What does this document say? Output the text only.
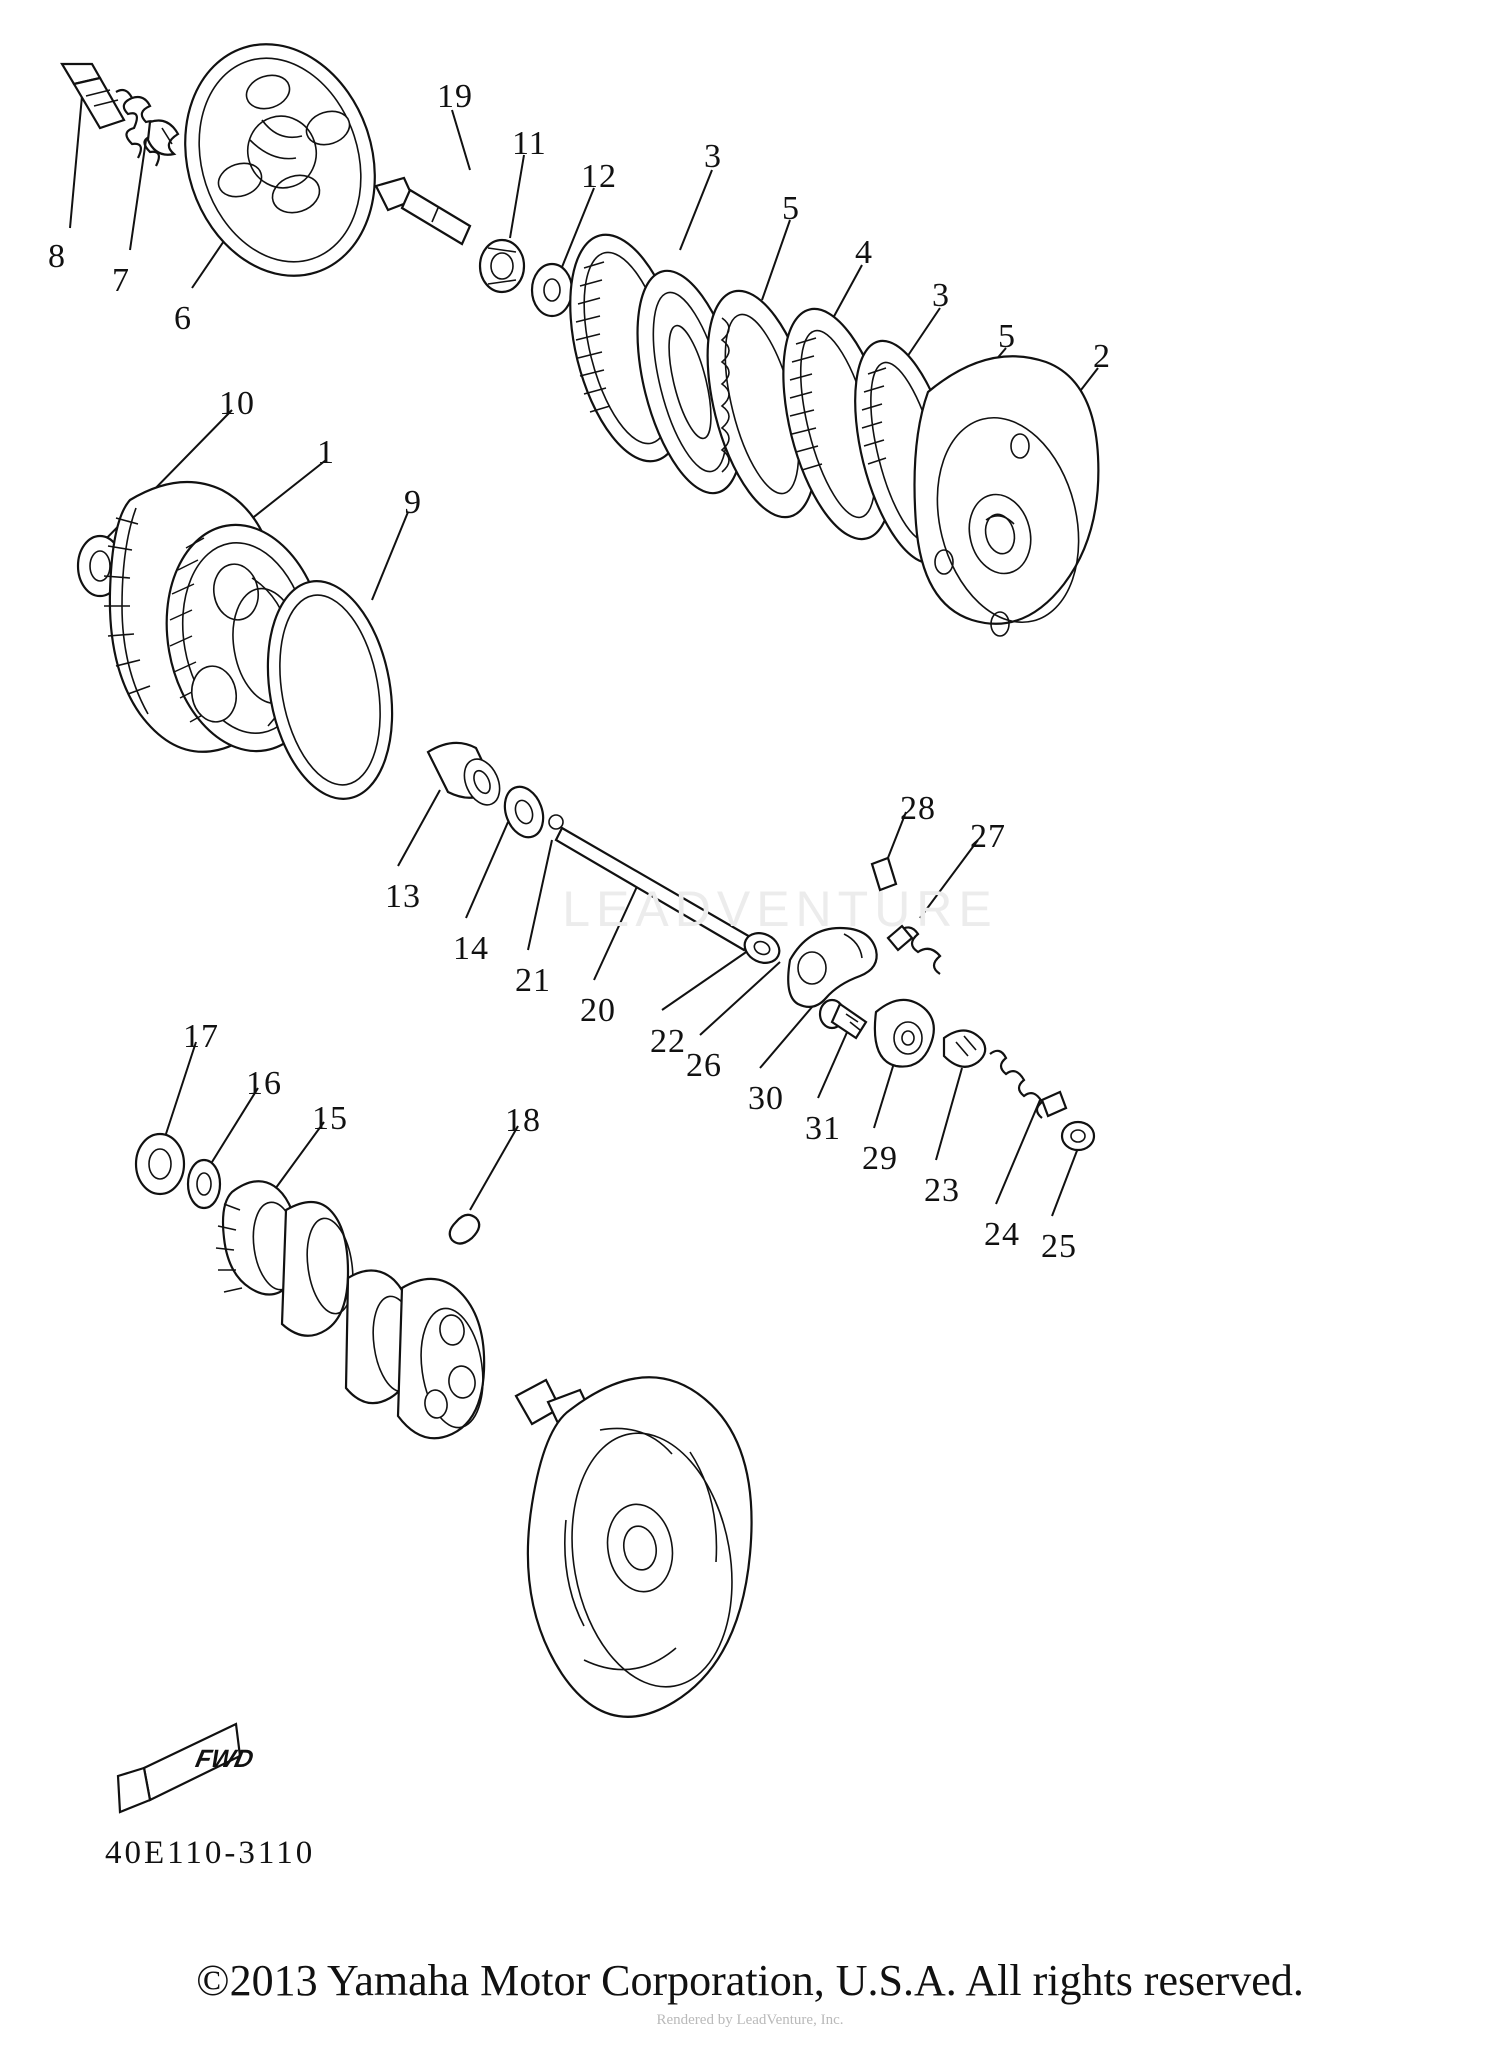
FWD
LEADVENTURE
8
7
6
19
11
12
3
5
4
3
5
2
10
1
9
13
14
21
20
22
26
30
31
29
23
24 25
28
27
17
16
15	18
40E110-3110
©2013 Yamaha Motor Corporation, U.S.A. All rights reserved.
Rendered by LeadVenture, Inc.
